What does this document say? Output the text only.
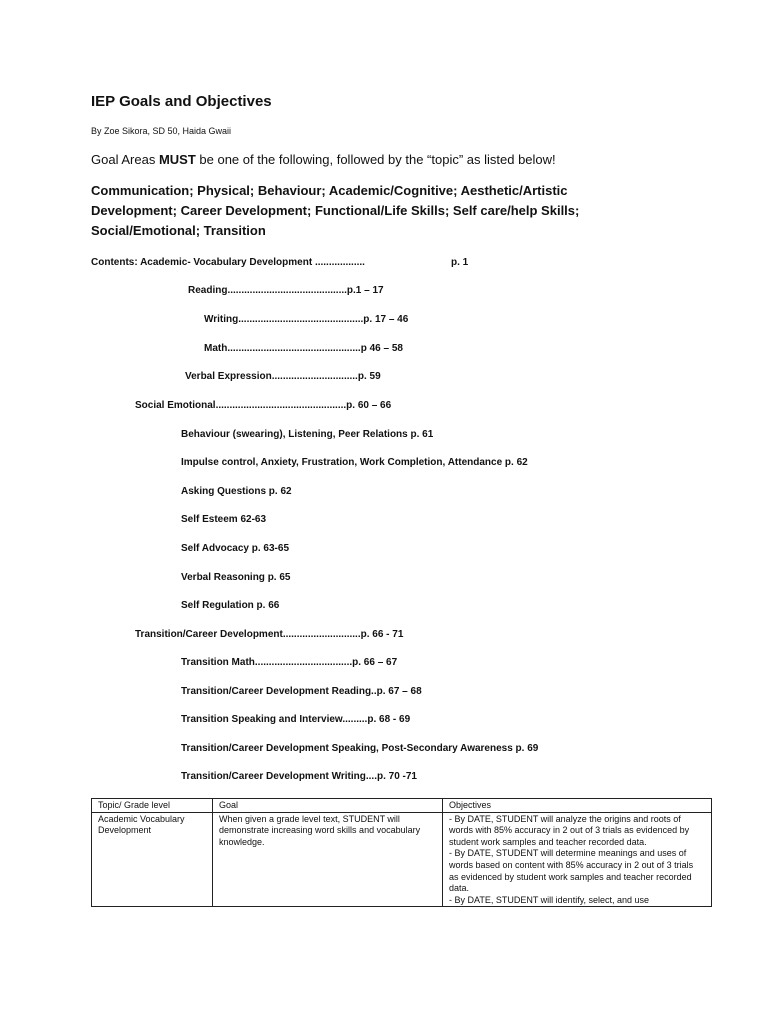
IEP Goals and Objectives
By Zoe Sikora, SD 50, Haida Gwaii
Goal Areas MUST be one of the following, followed by the “topic” as listed below!
Communication; Physical; Behaviour; Academic/Cognitive; Aesthetic/Artistic Development; Career Development; Functional/Life Skills; Self care/help Skills; Social/Emotional; Transition
Contents: Academic- Vocabulary Development ..................	p. 1
Reading...........................................p.1 – 17
Writing.............................................p. 17 – 46
Math................................................p 46 – 58
Verbal Expression...............................p. 59
Social Emotional...............................................p. 60 – 66
Behaviour (swearing), Listening, Peer Relations p. 61
Impulse control, Anxiety, Frustration, Work Completion, Attendance p. 62
Asking Questions p. 62
Self Esteem 62-63
Self Advocacy p. 63-65
Verbal Reasoning p. 65
Self Regulation p. 66
Transition/Career Development............................p. 66 - 71
Transition Math...................................p. 66 – 67
Transition/Career Development Reading..p. 67 – 68
Transition Speaking and Interview.........p. 68 - 69
Transition/Career Development Speaking, Post-Secondary Awareness p. 69
Transition/Career Development Writing....p. 70 -71
Topic/ Grade level	Goal	Objectives
Academic Vocabulary Development	When given a grade level text, STUDENT will demonstrate increasing word skills and vocabulary knowledge.	- By DATE, STUDENT will analyze the origins and roots of words with 85% accuracy in 2 out of 3 trials as evidenced by student work samples and teacher recorded data.
- By DATE, STUDENT will determine meanings and uses of words based on content with 85% accuracy in 2 out of 3 trials as evidenced by student work samples and teacher recorded data.
- By DATE, STUDENT will identify, select, and use
